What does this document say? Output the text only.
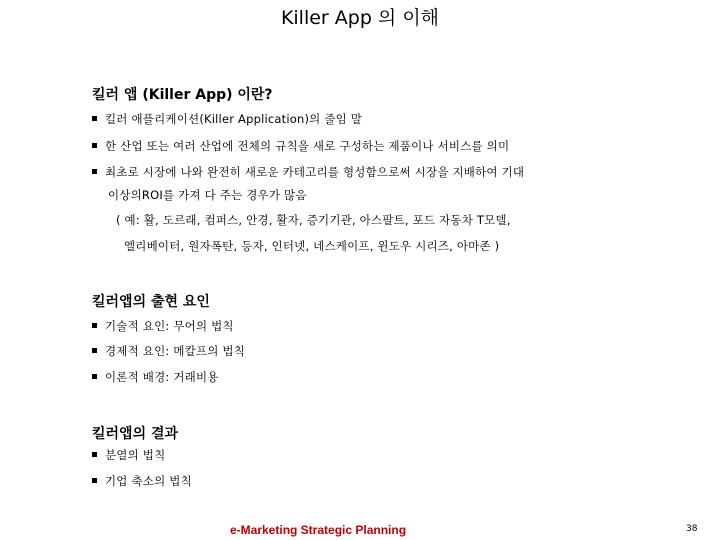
Killer App 의 이해
킬러 앱 (Killer App) 이란?
킬러 애플리케이션(Killer Application)의 줄임 말
한 산업 또는 여러 산업에 전체의 규칙을 새로 구성하는 제품이나 서비스를 의미
최초로 시장에 나와 완전히 새로운 카테고리를 형성함으로써 시장을 지배하여 기대
이상의ROI를 가져 다 주는 경우가 많음
( 예: 활, 도르래, 컴퍼스, 안경, 활자, 증기기관, 아스팔트, 포드 자동차 T모델,
엘리베이터, 원자폭탄, 등자, 인터넷, 네스케이프, 윈도우 시리즈, 아마존 )
킬러앱의 출현 요인
기술적 요인: 무어의 법칙
경제적 요인: 메칼프의 법칙
이론적 배경: 거래비용
킬러앱의 결과
분열의 법칙
기업 축소의 법칙
e-Marketing Strategic Planning	38
